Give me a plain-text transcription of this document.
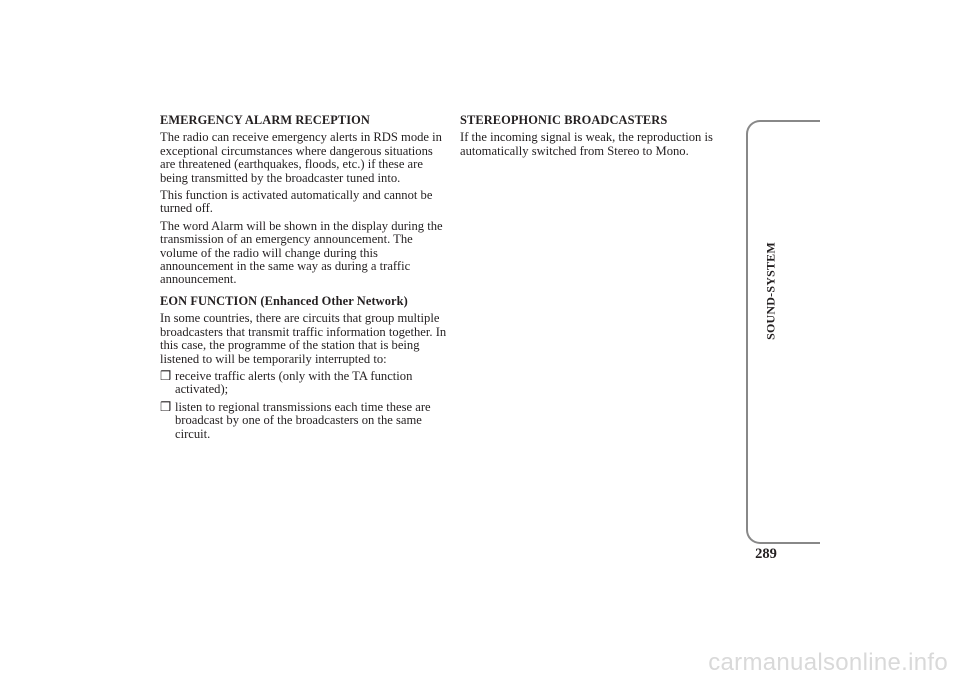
EMERGENCY ALARM RECEPTION
The radio can receive emergency alerts in RDS mode in exceptional circumstances where dangerous situations are threatened (earthquakes, floods, etc.) if these are being transmitted by the broadcaster tuned into.
This function is activated automatically and cannot be turned off.
The word Alarm will be shown in the display during the transmission of an emergency announcement. The volume of the radio will change during this announcement in the same way as during a traffic announcement.
EON FUNCTION (Enhanced Other Network)
In some countries, there are circuits that group multiple broadcasters that transmit traffic information together. In this case, the programme of the station that is being listened to will be temporarily interrupted to:
❒ receive traffic alerts (only with the TA function activated);
❒ listen to regional transmissions each time these are broadcast by one of the broadcasters on the same circuit.
STEREOPHONIC BROADCASTERS
If the incoming signal is weak, the reproduction is automatically switched from Stereo to Mono.
SOUND-SYSTEM
289
carmanualsonline.info
